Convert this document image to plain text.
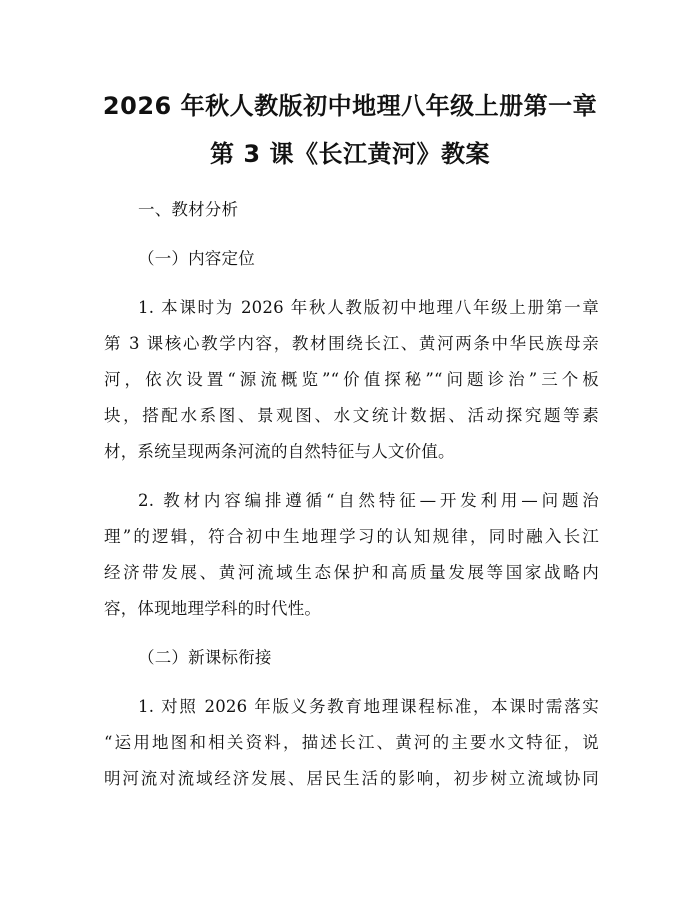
2026 年秋人教版初中地理八年级上册第一章
第 3 课《长江黄河》教案
一、教材分析
（一）内容定位
1. 本课时为 2026 年秋人教版初中地理八年级上册第一章
第 3 课核心教学内容，教材围绕长江、黄河两条中华民族母亲
河，依次设置“源流概览”“价值探秘”“问题诊治”三个板
块，搭配水系图、景观图、水文统计数据、活动探究题等素
材，系统呈现两条河流的自然特征与人文价值。
2. 教材内容编排遵循“自然特征—开发利用—问题治
理”的逻辑，符合初中生地理学习的认知规律，同时融入长江
经济带发展、黄河流域生态保护和高质量发展等国家战略内
容，体现地理学科的时代性。
（二）新课标衔接
1. 对照 2026 年版义务教育地理课程标准，本课时需落实
“运用地图和相关资料，描述长江、黄河的主要水文特征，说
明河流对流域经济发展、居民生活的影响，初步树立流域协同
